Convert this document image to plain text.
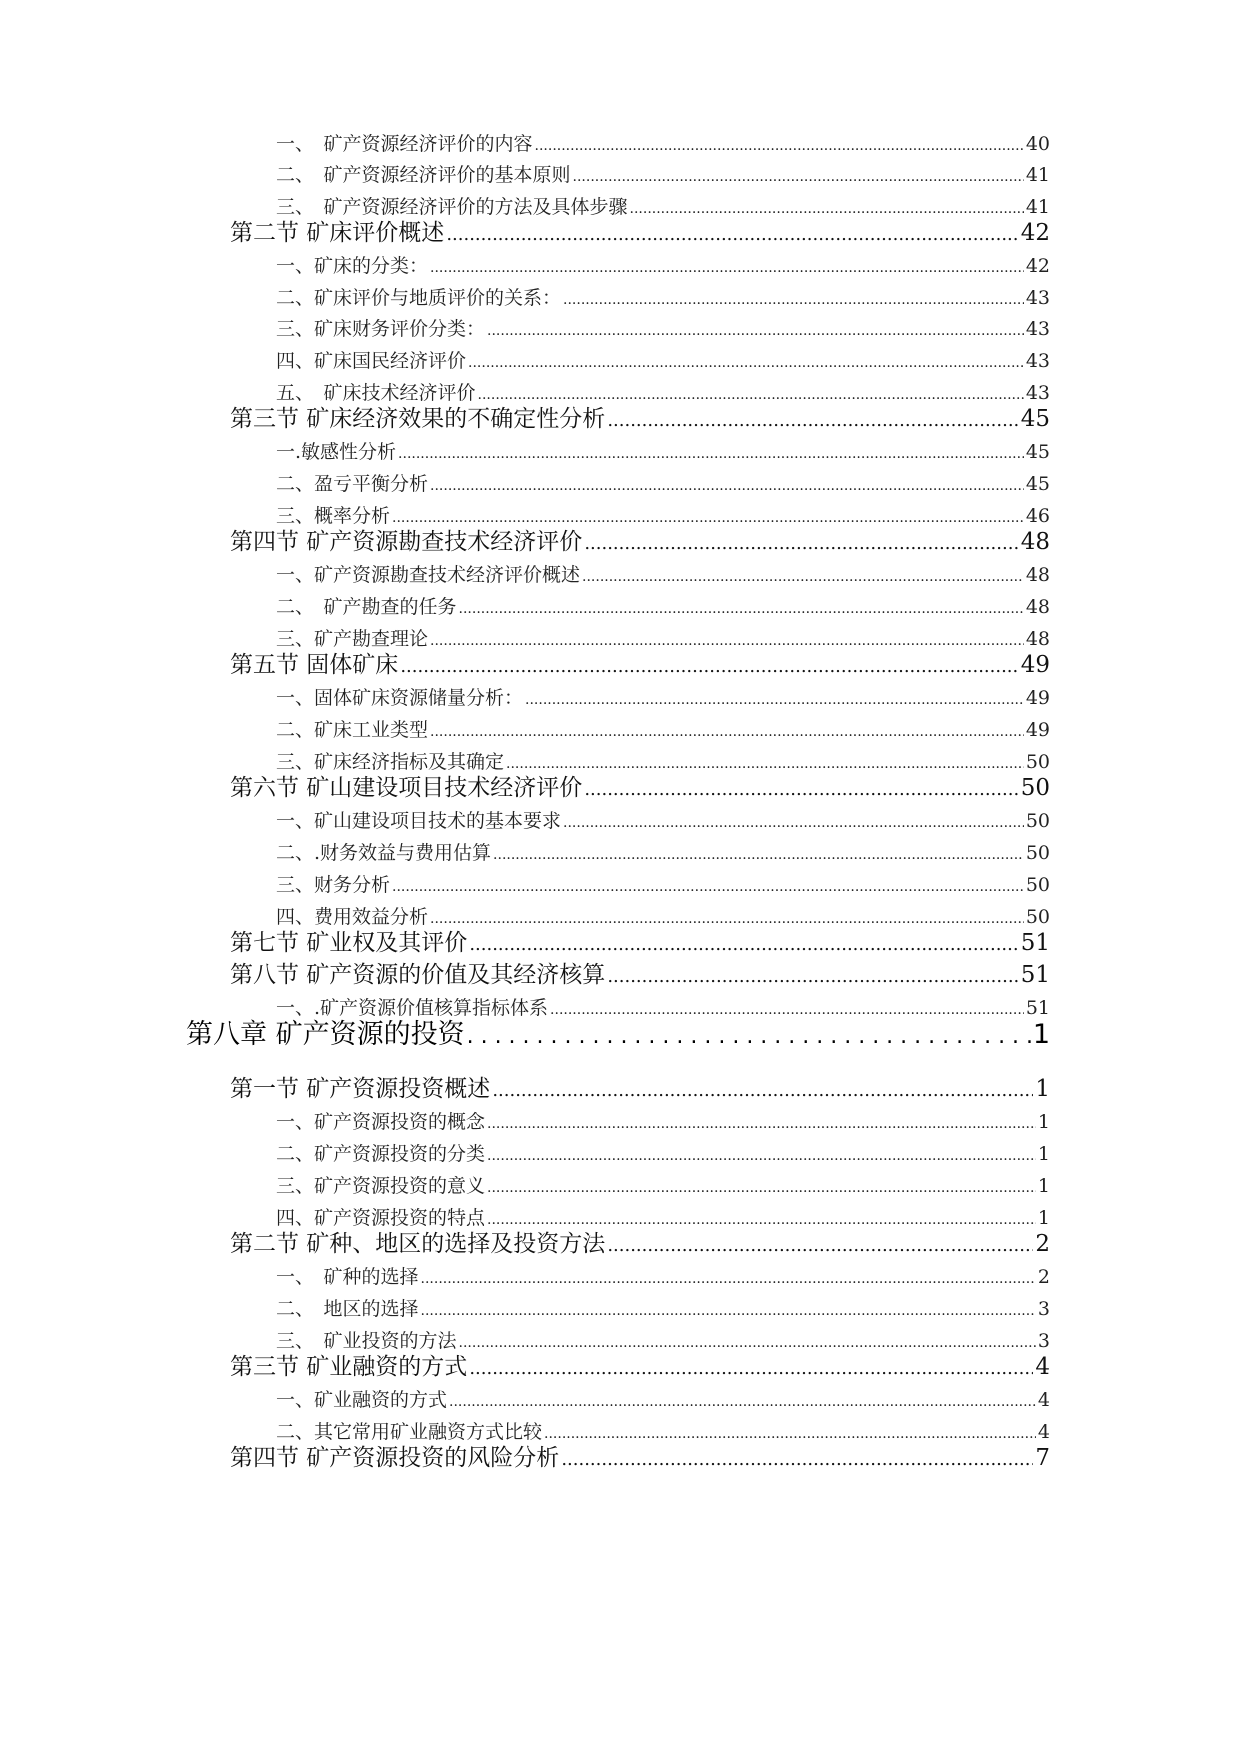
一、　矿产资源经济评价的内容 .....	40
二、　矿产资源经济评价的基本原则 .....	41
三、　矿产资源经济评价的方法及具体步骤 .....	41
第二节 矿床评价概述 .....	42
一、矿床的分类： .....	42
二、矿床评价与地质评价的关系： .....	43
三、矿床财务评价分类： .....	43
四、矿床国民经济评价 .....	43
五、　矿床技术经济评价 .....	43
第三节 矿床经济效果的不确定性分析 .....	45
一.敏感性分析 .....	45
二、盈亏平衡分析 .....	45
三、概率分析 .....	46
第四节 矿产资源勘查技术经济评价 .....	48
一、矿产资源勘查技术经济评价概述 .....	48
二、　矿产勘查的任务 .....	48
三、矿产勘查理论 .....	48
第五节 固体矿床 .....	49
一、固体矿床资源储量分析： .....	49
二、矿床工业类型 .....	49
三、矿床经济指标及其确定 .....	50
第六节 矿山建设项目技术经济评价 .....	50
一、矿山建设项目技术的基本要求 .....	50
二、.财务效益与费用估算 .....	50
三、财务分析 .....	50
四、费用效益分析 .....	50
第七节 矿业权及其评价 .....	51
第八节 矿产资源的价值及其经济核算 .....	51
一、.矿产资源价值核算指标体系 .....	51
第八章 矿产资源的投资 . . .	1
第一节 矿产资源投资概述 .....	1
一、矿产资源投资的概念 .....	1
二、矿产资源投资的分类 .....	1
三、矿产资源投资的意义 .....	1
四、矿产资源投资的特点 .....	1
第二节 矿种、地区的选择及投资方法 .....	2
一、　矿种的选择 .....	2
二、　地区的选择 .....	3
三、　矿业投资的方法 .....	3
第三节 矿业融资的方式 .....	4
一、矿业融资的方式 .....	4
二、其它常用矿业融资方式比较 .....	4
第四节 矿产资源投资的风险分析 .....	7
